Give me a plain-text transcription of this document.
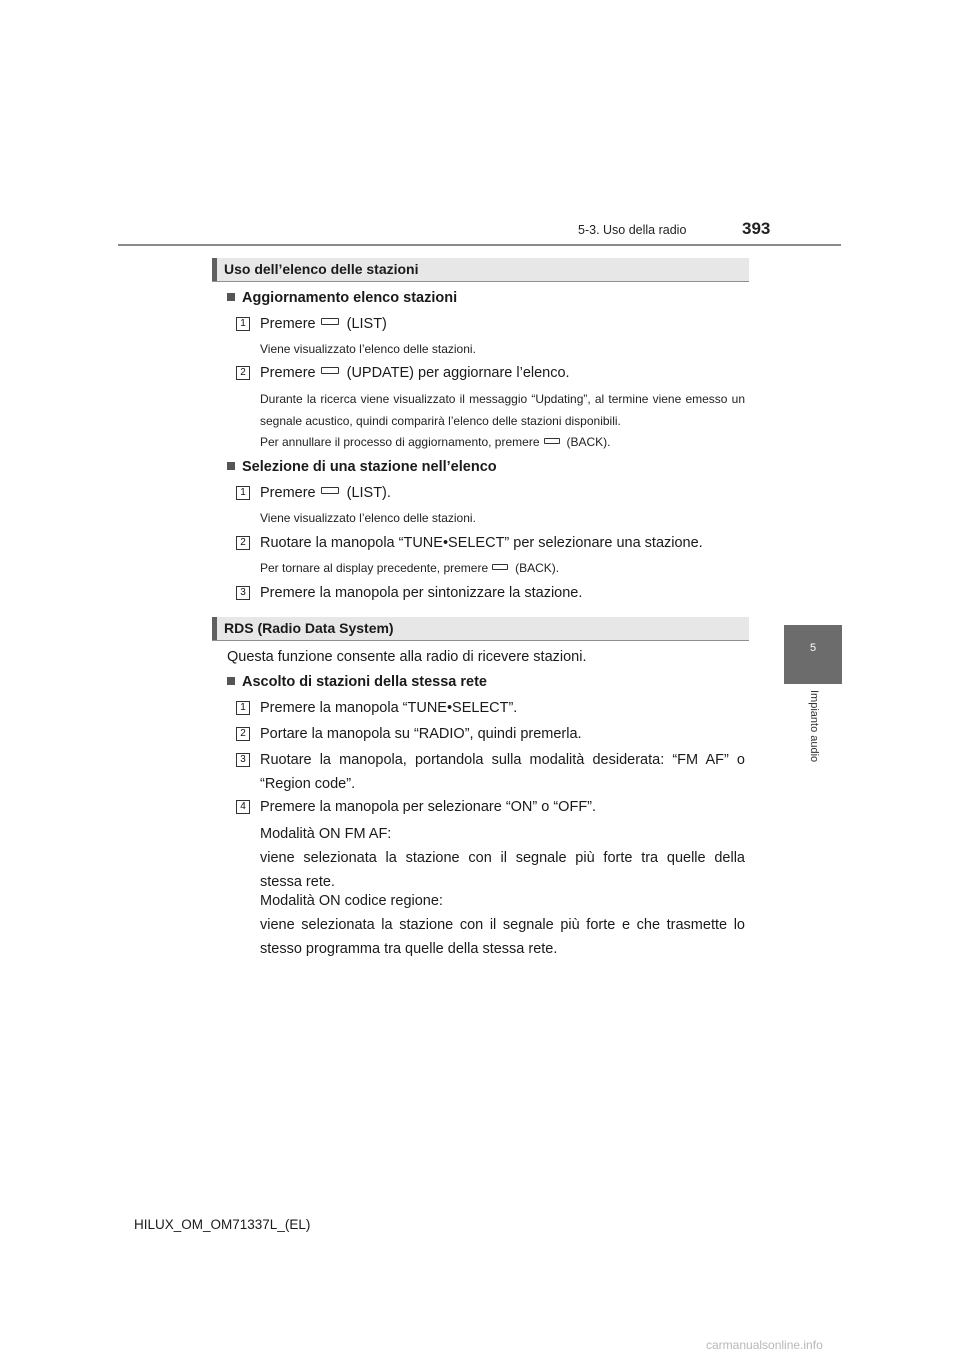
5-3. Uso della radio	393
5
Impianto audio
Uso dell’elenco delle stazioni
Aggiornamento elenco stazioni
1 Premere (LIST)
Viene visualizzato l’elenco delle stazioni.
2 Premere (UPDATE) per aggiornare l’elenco.
Durante la ricerca viene visualizzato il messaggio “Updating”, al termine viene emesso un segnale acustico, quindi comparirà l’elenco delle stazioni disponibili.
Per annullare il processo di aggiornamento, premere (BACK).
Selezione di una stazione nell’elenco
1 Premere (LIST).
Viene visualizzato l’elenco delle stazioni.
2 Ruotare la manopola “TUNE•SELECT” per selezionare una stazione.
Per tornare al display precedente, premere (BACK).
3 Premere la manopola per sintonizzare la stazione.
RDS (Radio Data System)
Questa funzione consente alla radio di ricevere stazioni.
Ascolto di stazioni della stessa rete
1 Premere la manopola “TUNE•SELECT”.
2 Portare la manopola su “RADIO”, quindi premerla.
3 Ruotare la manopola, portandola sulla modalità desiderata: “FM AF” o
“Region code”.
4 Premere la manopola per selezionare “ON” o “OFF”.
Modalità ON FM AF:
viene selezionata la stazione con il segnale più forte tra quelle della
stessa rete.
Modalità ON codice regione:
viene selezionata la stazione con il segnale più forte e che trasmette lo
stesso programma tra quelle della stessa rete.
HILUX_OM_OM71337L_(EL)
carmanualsonline.info
